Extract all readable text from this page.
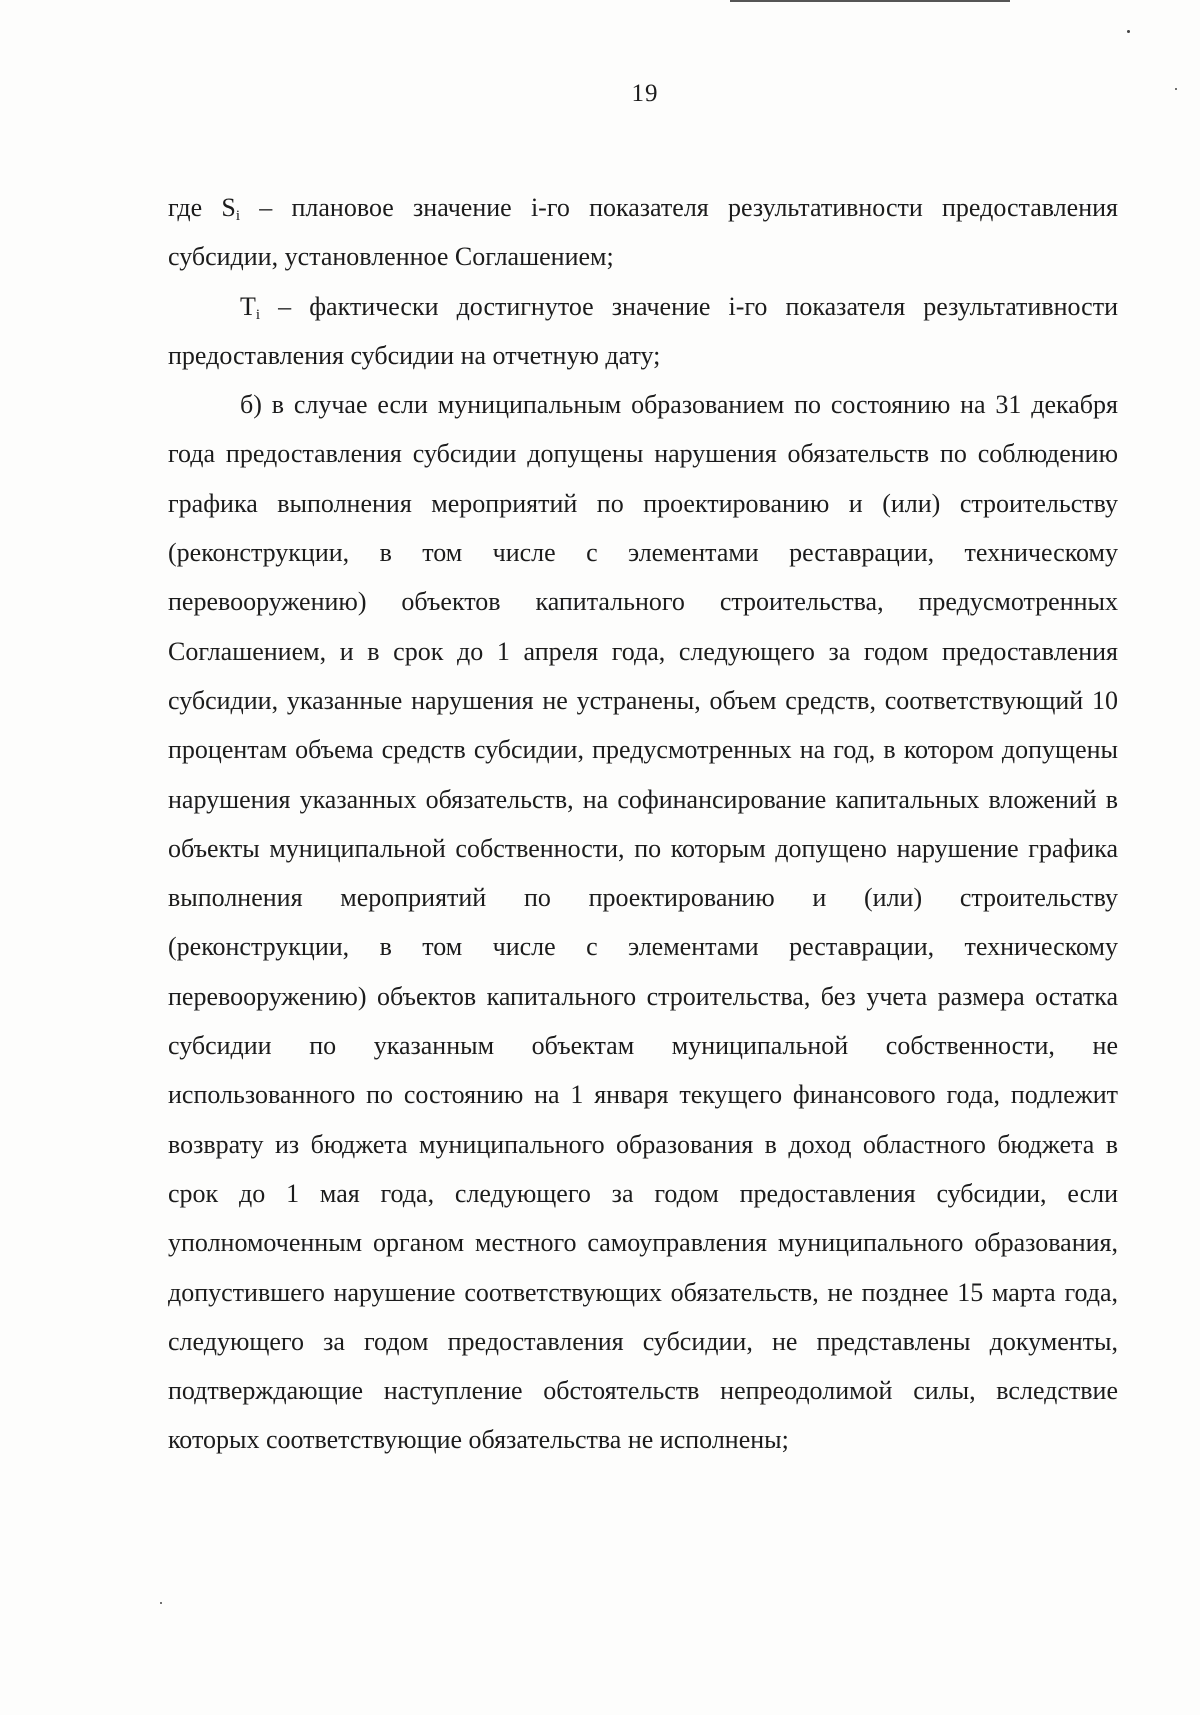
19

где $S_i$ – плановое значение i-го показателя результативности предоставления субсидии, установленное Соглашением;

$T_i$ – фактически достигнутое значение i-го показателя результативности предоставления субсидии на отчетную дату;

б) в случае если муниципальным образованием по состоянию на 31 декабря года предоставления субсидии допущены нарушения обязательств по соблюдению графика выполнения мероприятий по проектированию и (или) строительству (реконструкции, в том числе с элементами реставрации, техническому перевооружению) объектов капитального строительства, предусмотренных Соглашением, и в срок до 1 апреля года, следующего за годом предоставления субсидии, указанные нарушения не устранены, объем средств, соответствующий 10 процентам объема средств субсидии, предусмотренных на год, в котором допущены нарушения указанных обязательств, на софинансирование капитальных вложений в объекты муниципальной собственности, по которым допущено нарушение графика выполнения мероприятий по проектированию и (или) строительству (реконструкции, в том числе с элементами реставрации, техническому перевооружению) объектов капитального строительства, без учета размера остатка субсидии по указанным объектам муниципальной собственности, не использованного по состоянию на 1 января текущего финансового года, подлежит возврату из бюджета муниципального образования в доход областного бюджета в срок до 1 мая года, следующего за годом предоставления субсидии, если уполномоченным органом местного самоуправления муниципального образования, допустившего нарушение соответствующих обязательств, не позднее 15 марта года, следующего за годом предоставления субсидии, не представлены документы, подтверждающие наступление обстоятельств непреодолимой силы, вследствие которых соответствующие обязательства не исполнены;
